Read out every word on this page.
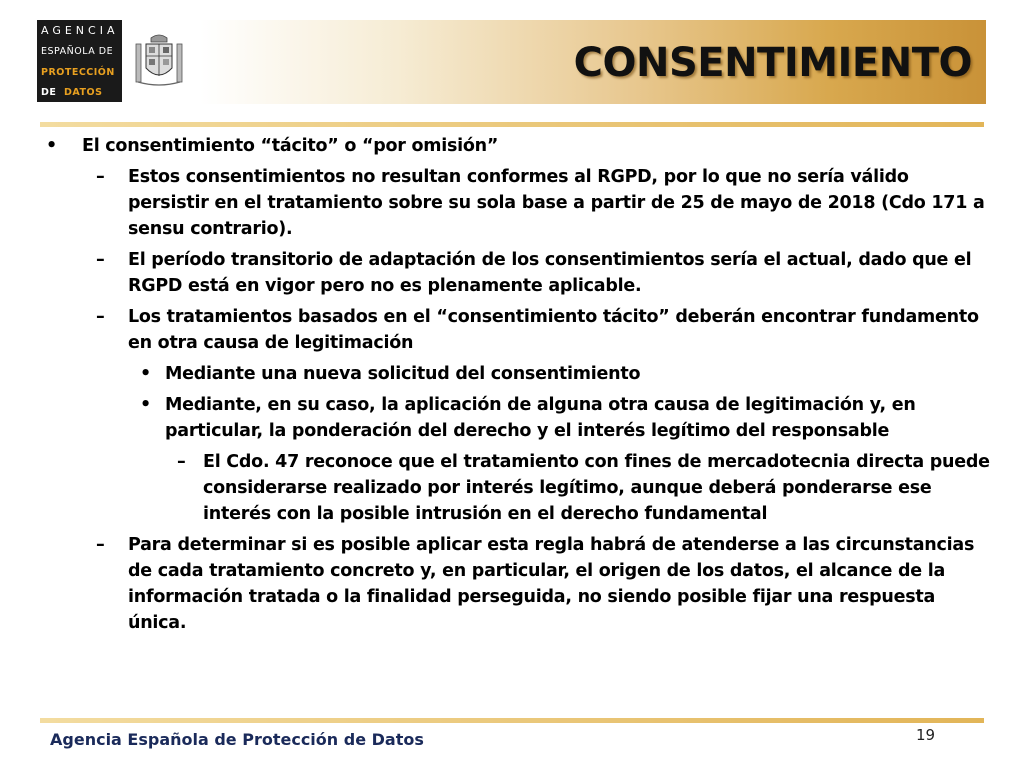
AGENCIA
ESPAÑOLA DE
PROTECCIÓN
DE DATOS
CONSENTIMIENTO
• El consentimiento “tácito” o “por omisión”
– Estos consentimientos no resultan conformes al RGPD, por lo que no sería válido persistir en el tratamiento sobre su sola base a partir de 25 de mayo de 2018 (Cdo 171 a sensu contrario).
– El período transitorio de adaptación de los consentimientos sería el actual, dado que el RGPD está en vigor pero no es plenamente aplicable.
– Los tratamientos basados en el “consentimiento tácito” deberán encontrar fundamento en otra causa de legitimación
• Mediante una nueva solicitud del consentimiento
• Mediante, en su caso, la aplicación de alguna otra causa de legitimación y, en particular, la ponderación del derecho y el interés legítimo del responsable
– El Cdo. 47 reconoce que el tratamiento con fines de mercadotecnia directa puede considerarse realizado por interés legítimo, aunque deberá ponderarse ese interés con la posible intrusión en el derecho fundamental
– Para determinar si es posible aplicar esta regla habrá de atenderse a las circunstancias de cada tratamiento concreto y, en particular, el origen de los datos, el alcance de la información tratada o la finalidad perseguida, no siendo posible fijar una respuesta única.
Agencia Española de Protección de Datos	19
